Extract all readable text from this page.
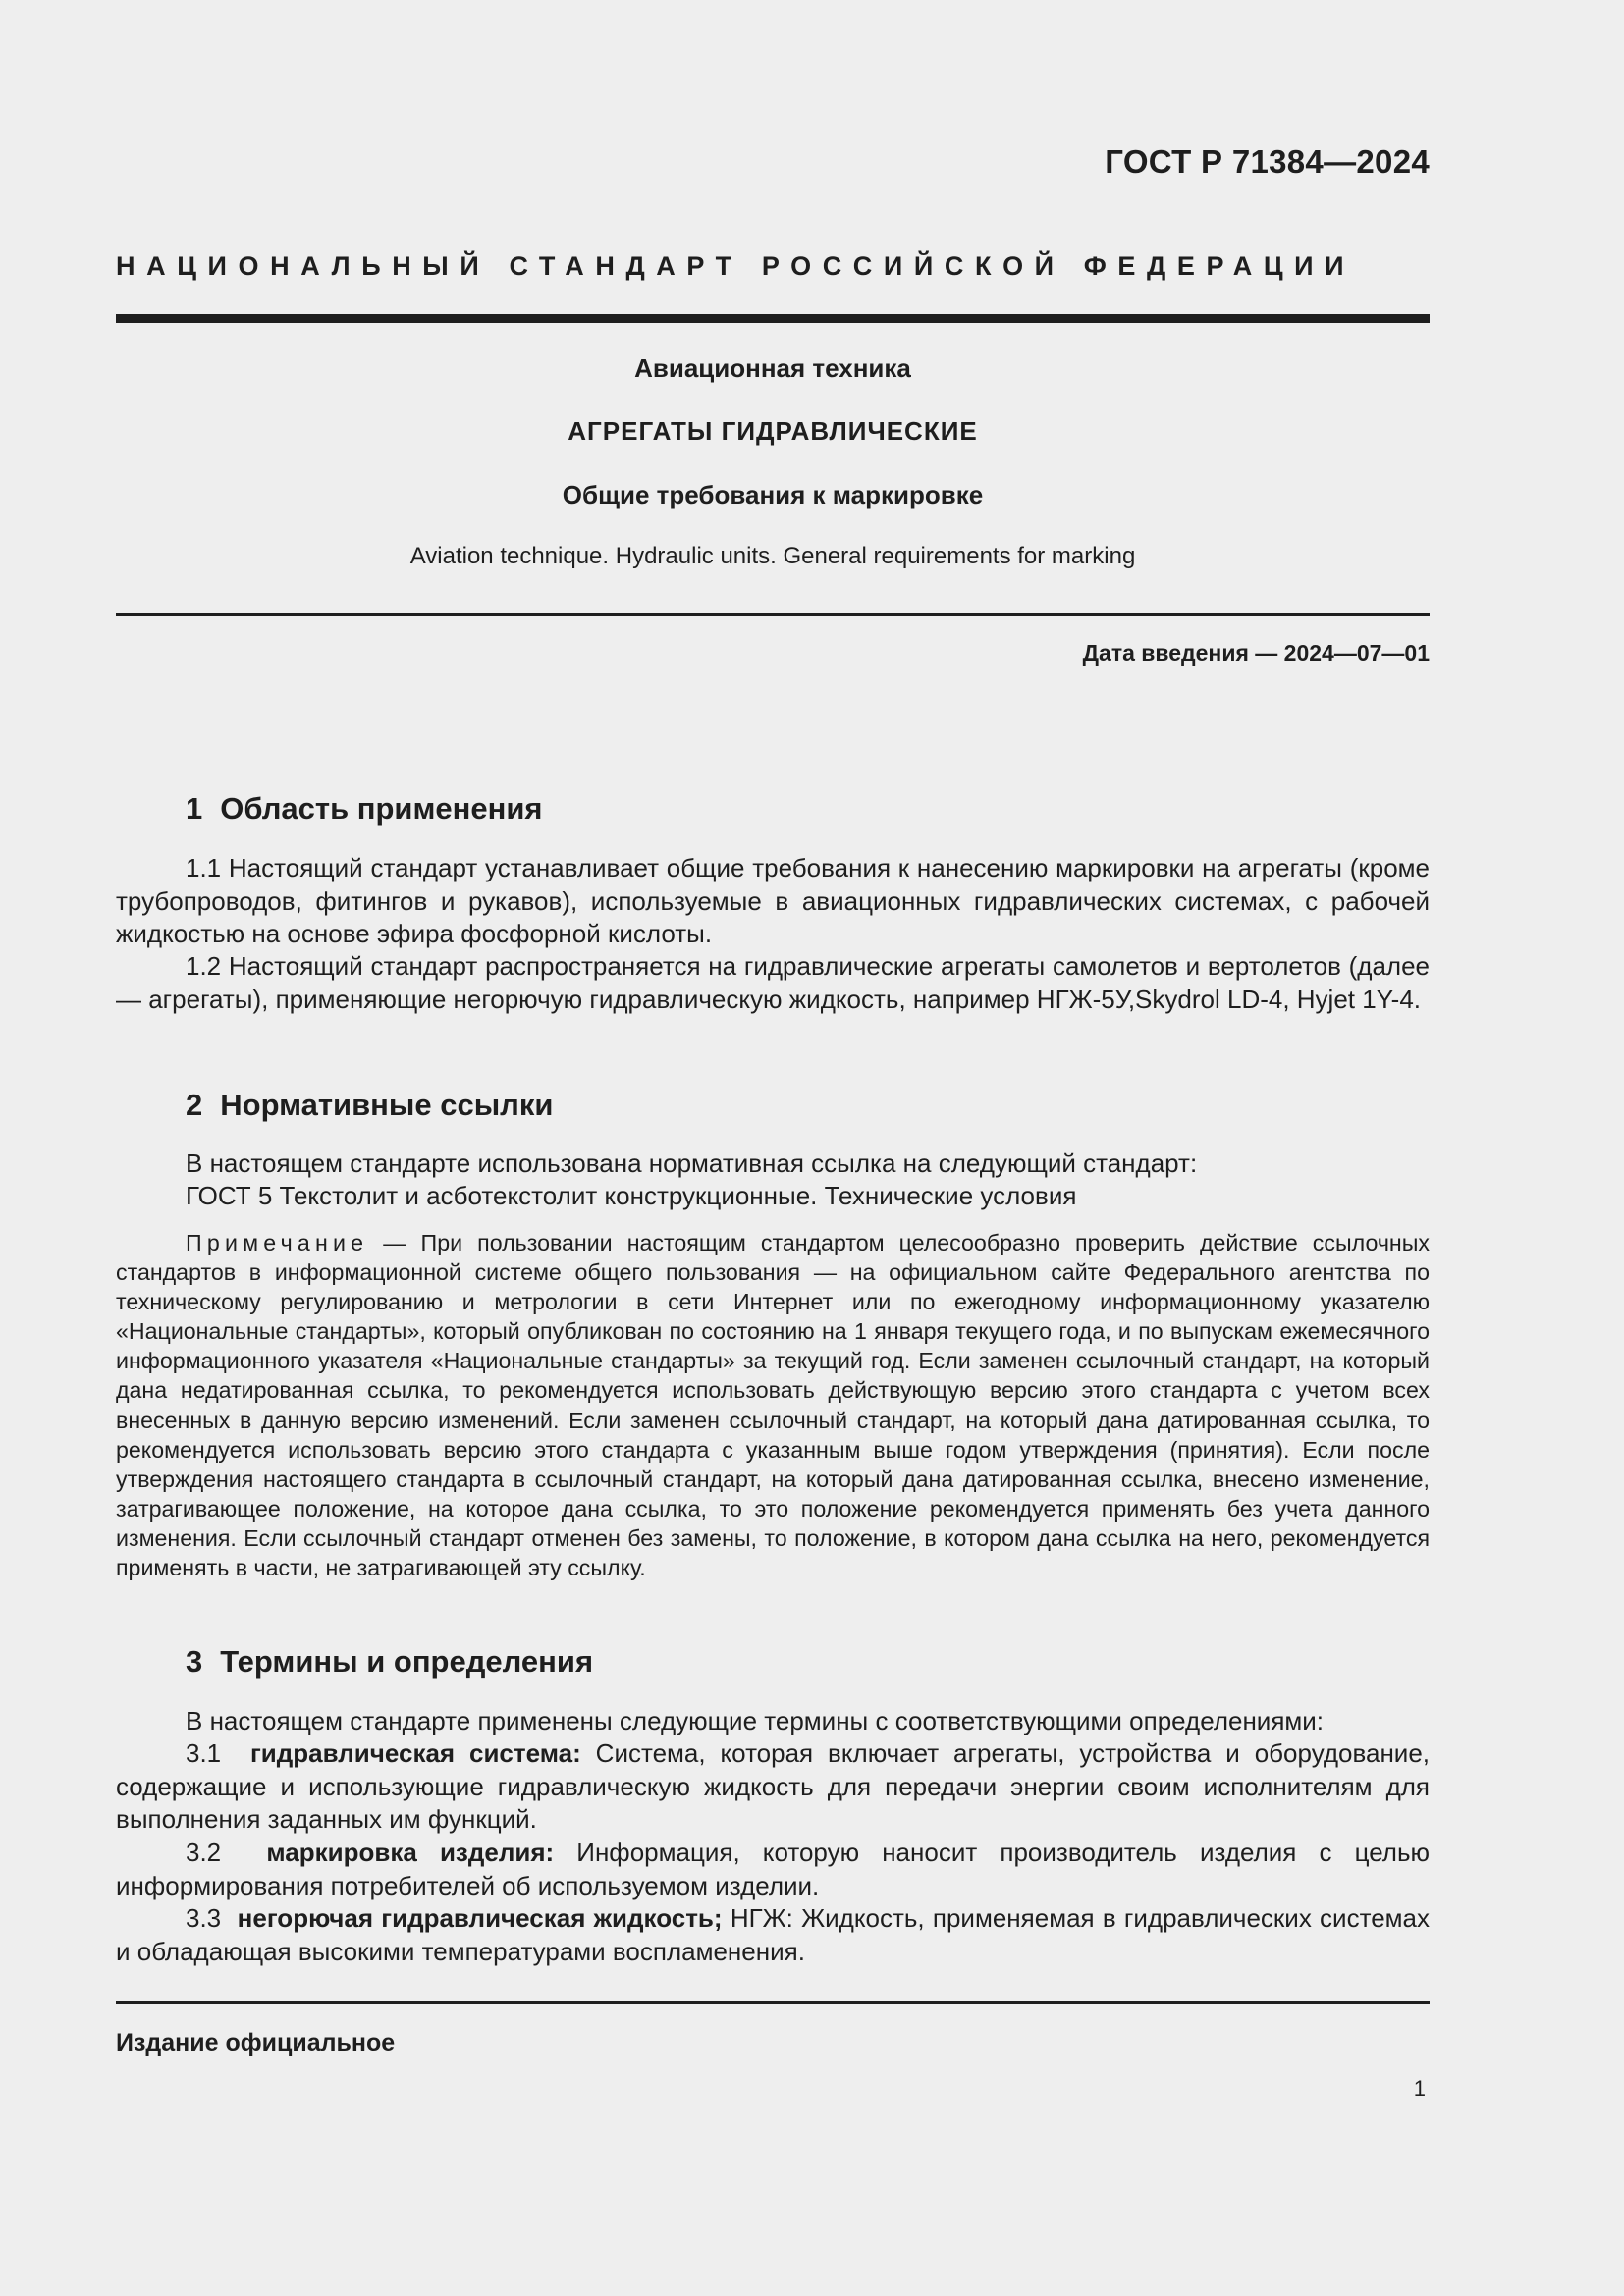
ГОСТ Р 71384—2024
НАЦИОНАЛЬНЫЙ СТАНДАРТ РОССИЙСКОЙ ФЕДЕРАЦИИ
Авиационная техника
АГРЕГАТЫ ГИДРАВЛИЧЕСКИЕ
Общие требования к маркировке
Aviation technique. Hydraulic units. General requirements for marking
Дата введения — 2024—07—01
1 Область применения
1.1 Настоящий стандарт устанавливает общие требования к нанесению маркировки на агрегаты (кроме трубопроводов, фитингов и рукавов), используемые в авиационных гидравлических системах, с рабочей жидкостью на основе эфира фосфорной кислоты.
1.2 Настоящий стандарт распространяется на гидравлические агрегаты самолетов и вертолетов (далее — агрегаты), применяющие негорючую гидравлическую жидкость, например НГЖ-5У,Skydrol LD-4, Hyjet 1Y-4.
2 Нормативные ссылки
В настоящем стандарте использована нормативная ссылка на следующий стандарт:
ГОСТ 5 Текстолит и асботекстолит конструкционные. Технические условия
Примечание — При пользовании настоящим стандартом целесообразно проверить действие ссылочных стандартов в информационной системе общего пользования — на официальном сайте Федерального агентства по техническому регулированию и метрологии в сети Интернет или по ежегодному информационному указателю «Национальные стандарты», который опубликован по состоянию на 1 января текущего года, и по выпускам ежемесячного информационного указателя «Национальные стандарты» за текущий год. Если заменен ссылочный стандарт, на который дана недатированная ссылка, то рекомендуется использовать действующую версию этого стандарта с учетом всех внесенных в данную версию изменений. Если заменен ссылочный стандарт, на который дана датированная ссылка, то рекомендуется использовать версию этого стандарта с указанным выше годом утверждения (принятия). Если после утверждения настоящего стандарта в ссылочный стандарт, на который дана датированная ссылка, внесено изменение, затрагивающее положение, на которое дана ссылка, то это положение рекомендуется применять без учета данного изменения. Если ссылочный стандарт отменен без замены, то положение, в котором дана ссылка на него, рекомендуется применять в части, не затрагивающей эту ссылку.
3 Термины и определения
В настоящем стандарте применены следующие термины с соответствующими определениями:
3.1 гидравлическая система: Система, которая включает агрегаты, устройства и оборудование, содержащие и использующие гидравлическую жидкость для передачи энергии своим исполнителям для выполнения заданных им функций.
3.2 маркировка изделия: Информация, которую наносит производитель изделия с целью информирования потребителей об используемом изделии.
3.3 негорючая гидравлическая жидкость; НГЖ: Жидкость, применяемая в гидравлических системах и обладающая высокими температурами воспламенения.
Издание официальное
1
